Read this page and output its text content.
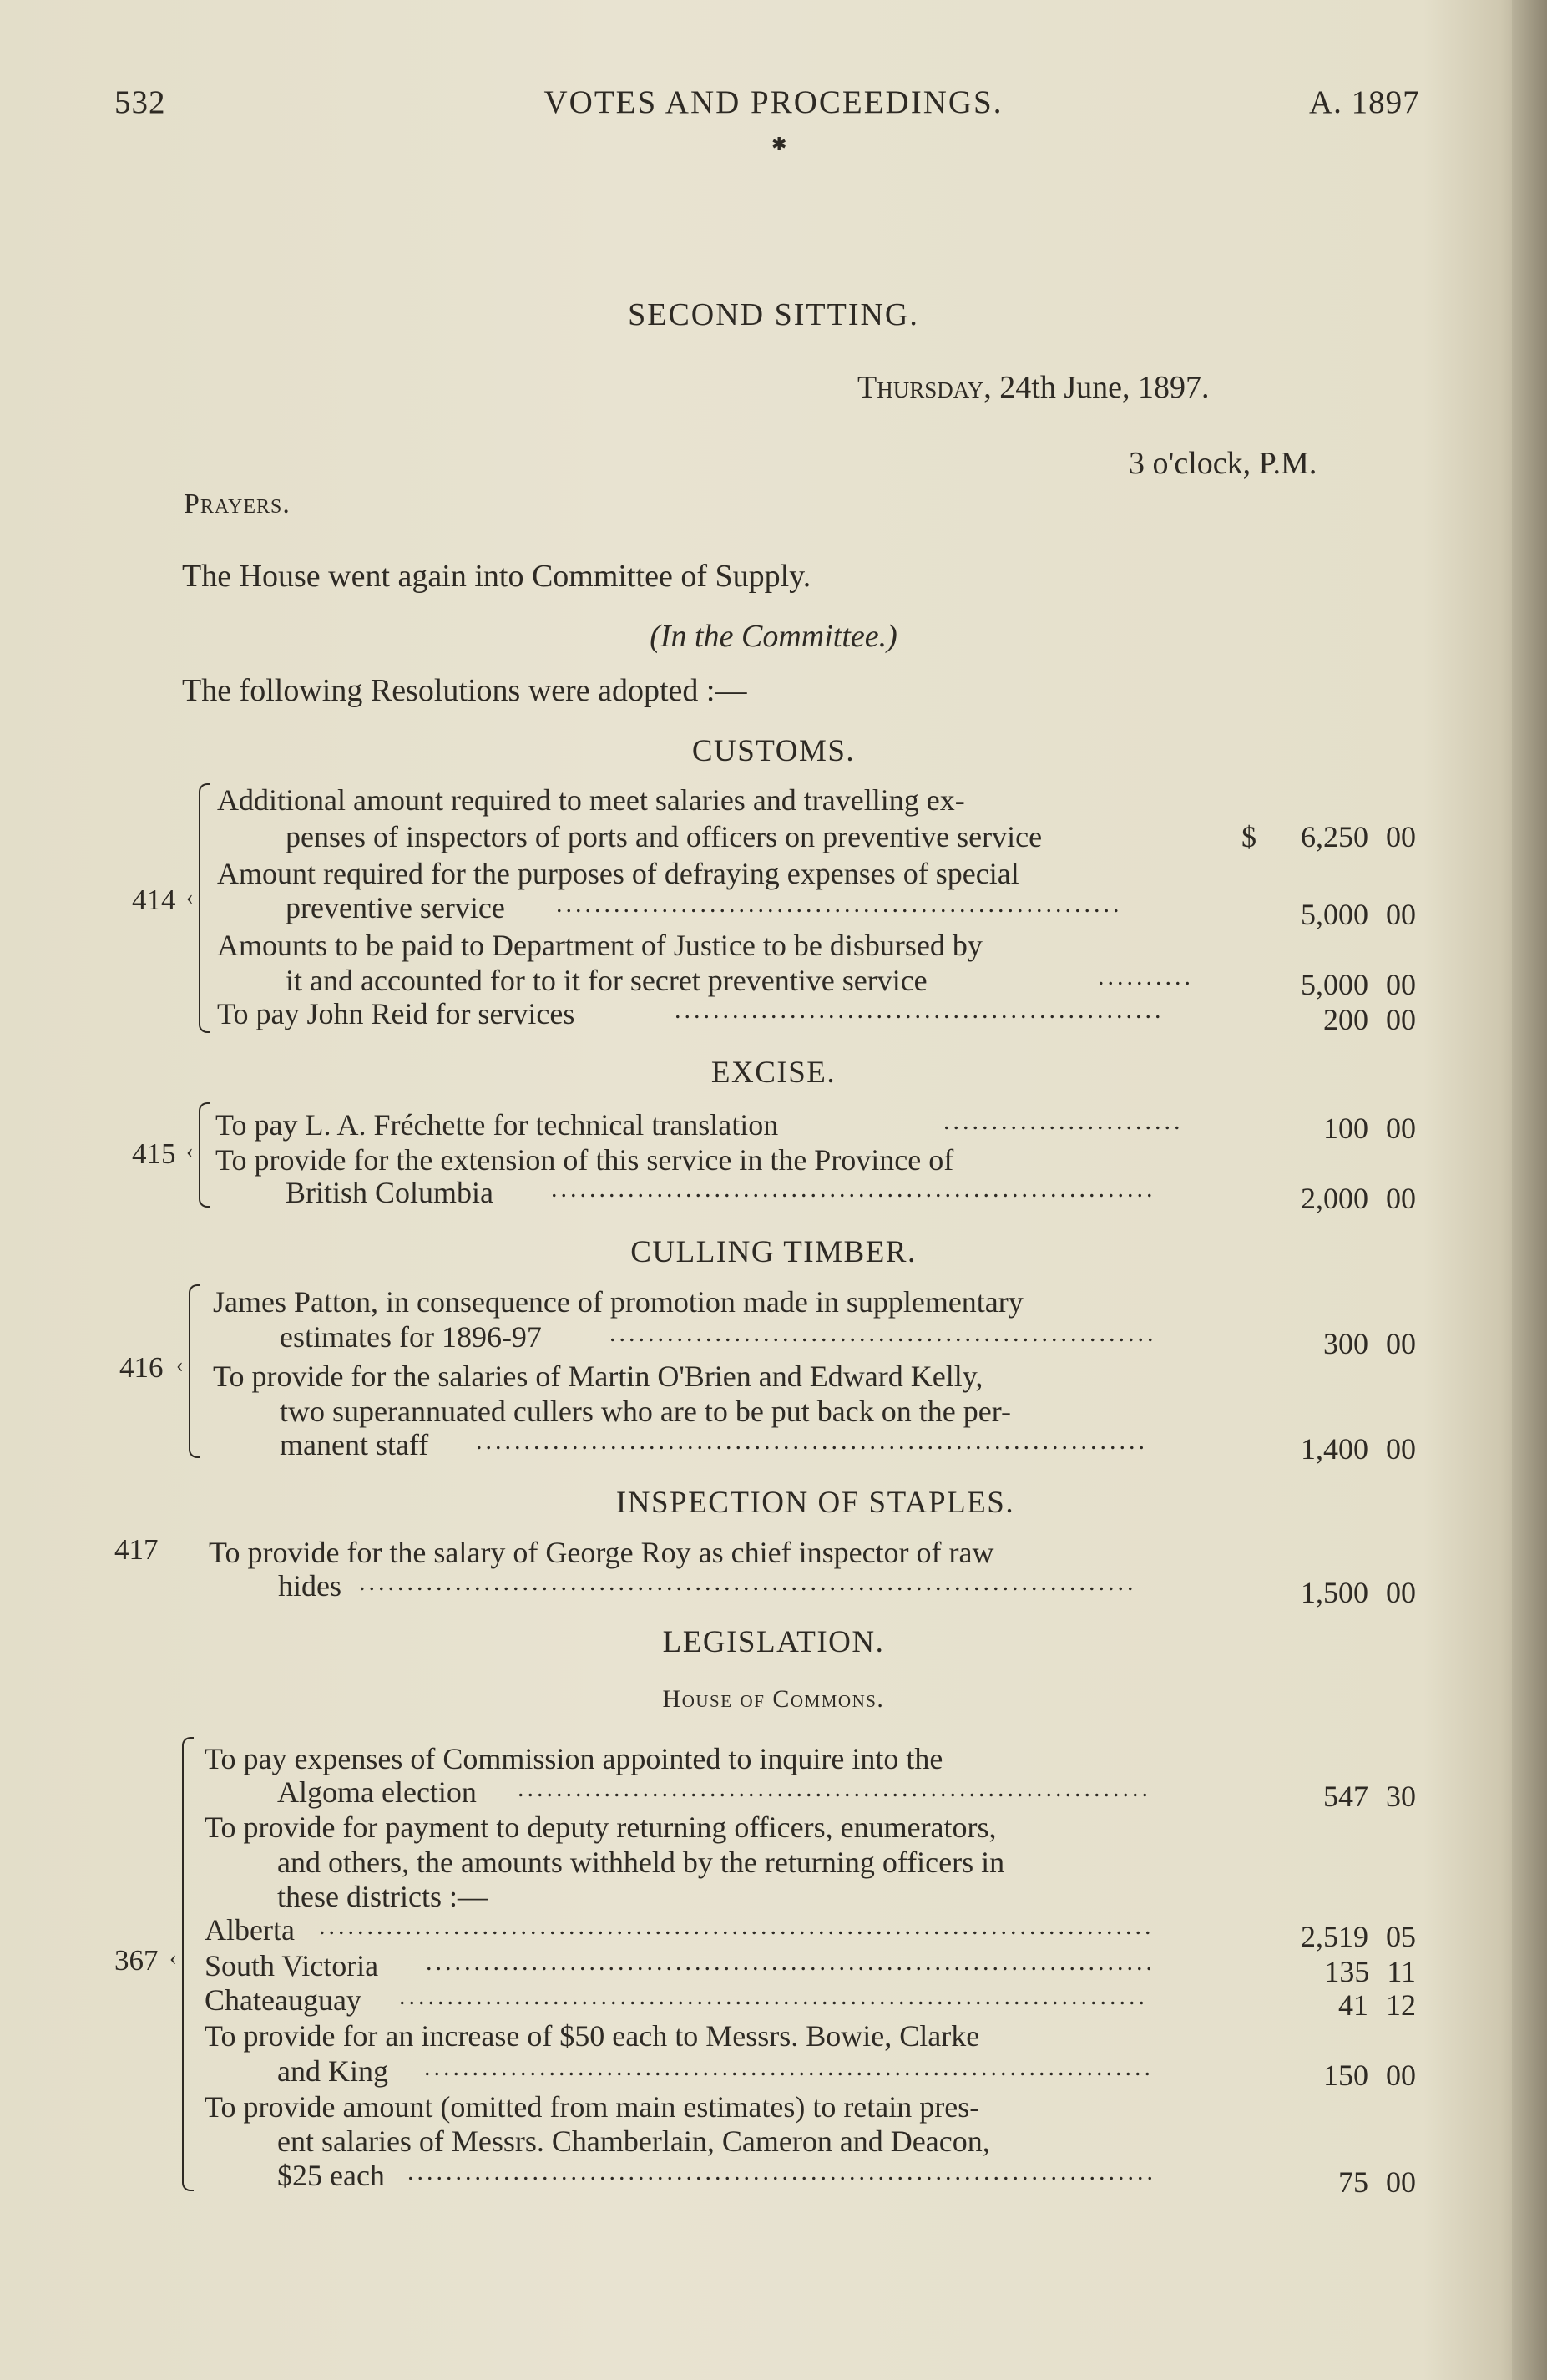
532	VOTES AND PROCEEDINGS.	A. 1897
✱
SECOND SITTING.
Thursday, 24th June, 1897.
3 o'clock, P.M.
Prayers.
The House went again into Committee of Supply.
(In the Committee.)
The following Resolutions were adopted :—
CUSTOMS.
414 ‹
Additional amount required to meet salaries and travelling ex-
penses of inspectors of ports and officers on preventive service	$ 6,250 00
Amount required for the purposes of defraying expenses of special
preventive service ...........................................................	5,000 00
Amounts to be paid to Department of Justice to be disbursed by
it and accounted for to it for secret preventive service	..........	5,000 00
To pay John Reid for services	...................................................	200 00
EXCISE.
415 ‹
To pay L. A. Fréchette for technical translation	.........................	100 00
To provide for the extension of this service in the Province of
British Columbia ...............................................................	2,000 00
CULLING TIMBER.
416 ‹
James Patton, in consequence of promotion made in supplementary
estimates for 1896-97	.........................................................	300 00
To provide for the salaries of Martin O'Brien and Edward Kelly,
two superannuated cullers who are to be put back on the per-
manent staff ......................................................................	1,400 00
INSPECTION OF STAPLES.
417 To provide for the salary of George Roy as chief inspector of raw
hides .................................................................................	1,500 00
LEGISLATION.
House of Commons.
367 ‹
To pay expenses of Commission appointed to inquire into the
Algoma election ..................................................................	547 30
To provide for payment to deputy returning officers, enumerators,
and others, the amounts withheld by the returning officers in
these districts :—
Alberta .......................................................................................	2,519 05
South Victoria ............................................................................	135 11
Chateauguay ..............................................................................	41 12
To provide for an increase of $50 each to Messrs. Bowie, Clarke
and King ............................................................................	150 00
To provide amount (omitted from main estimates) to retain pres-
ent salaries of Messrs. Chamberlain, Cameron and Deacon,
$25 each ..............................................................................	75 00
